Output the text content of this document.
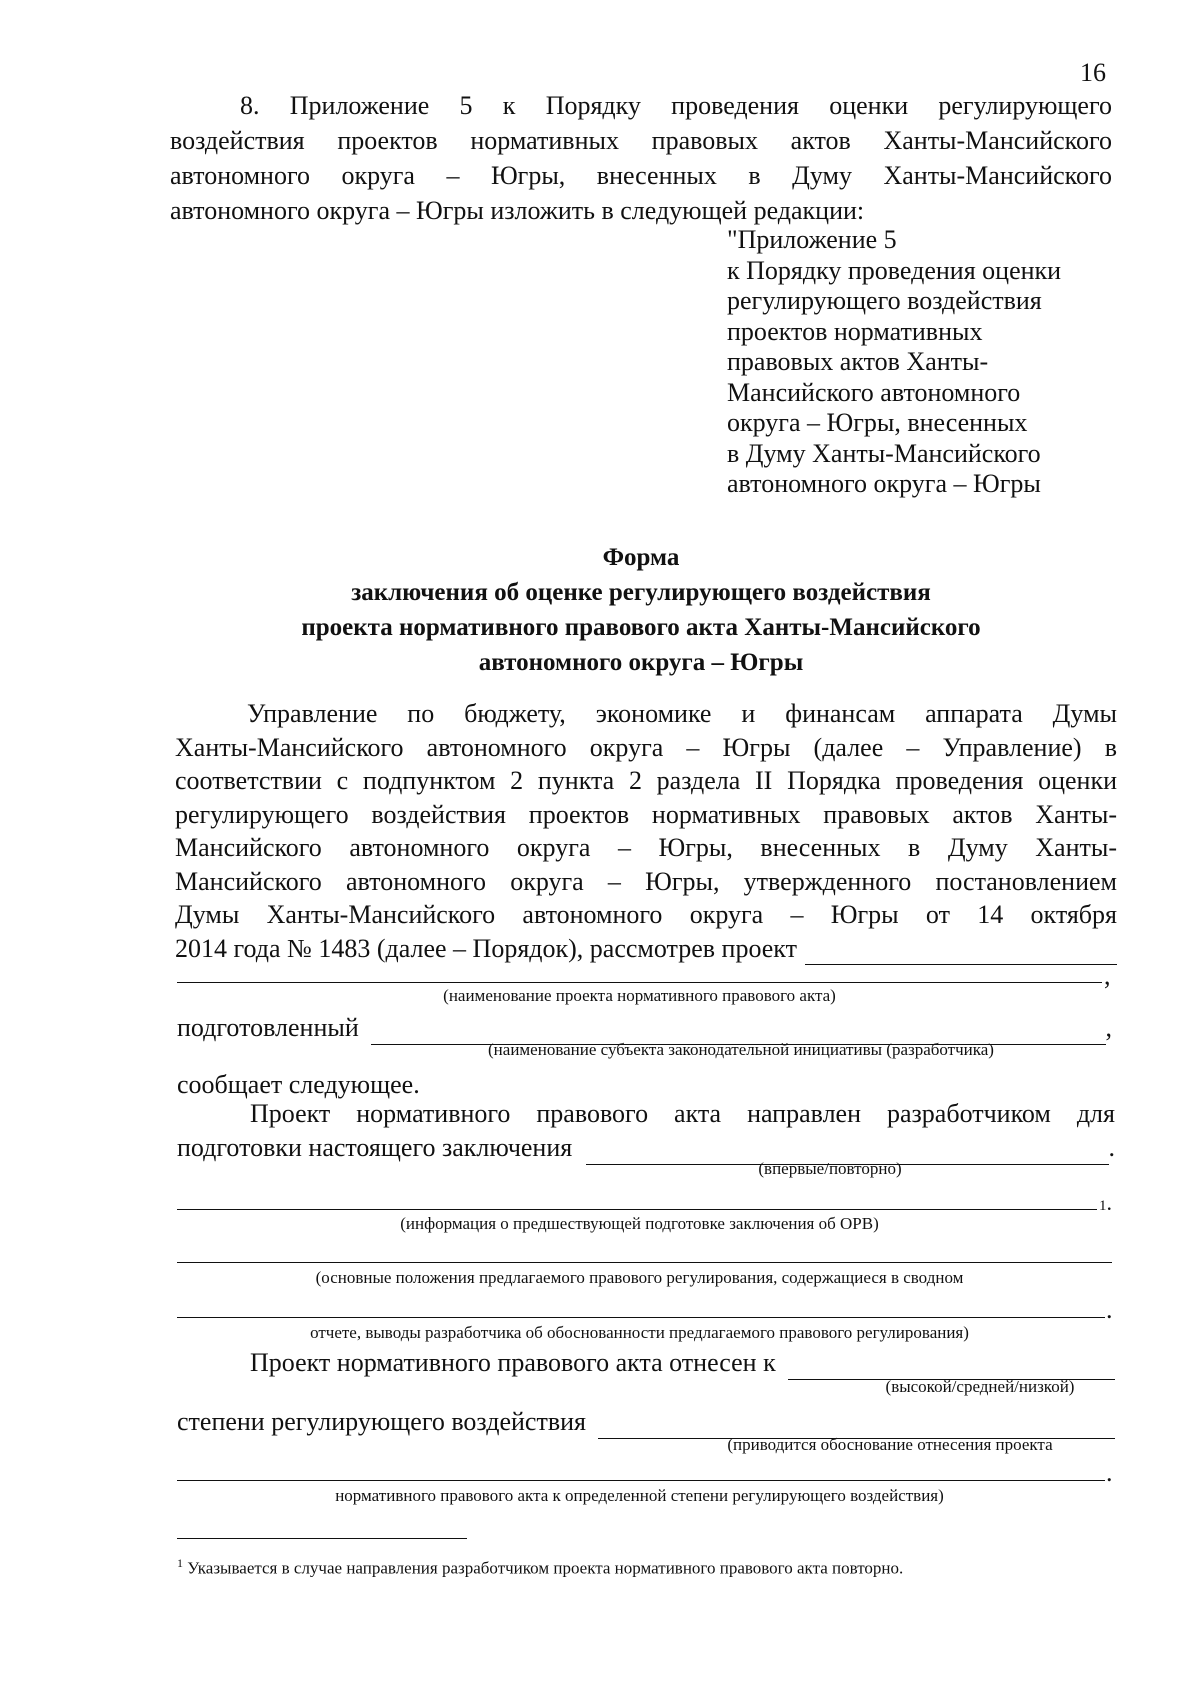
16
8. Приложение 5 к Порядку проведения оценки регулирующего
воздействия проектов нормативных правовых актов Ханты-Мансийского
автономного округа – Югры, внесенных в Думу Ханты-Мансийского
автономного округа – Югры изложить в следующей редакции:
"Приложение 5
к Порядку проведения оценки
регулирующего воздействия
проектов нормативных
правовых актов Ханты-
Мансийского автономного
округа – Югры, внесенных
в Думу Ханты-Мансийского
автономного округа – Югры
Форма
заключения об оценке регулирующего воздействия
проекта нормативного правового акта Ханты-Мансийского
автономного округа – Югры
Управление по бюджету, экономике и финансам аппарата Думы
Ханты-Мансийского автономного округа – Югры (далее – Управление) в
соответствии с подпунктом 2 пункта 2 раздела II Порядка проведения оценки
регулирующего воздействия проектов нормативных правовых актов Ханты-
Мансийского автономного округа – Югры, внесенных в Думу Ханты-
Мансийского автономного округа – Югры, утвержденного постановлением
Думы Ханты-Мансийского автономного округа – Югры от 14 октября
2014 года № 1483 (далее – Порядок), рассмотрев проект
,
(наименование проекта нормативного правового акта)
подготовленный	,
(наименование субъекта законодательной инициативы (разработчика)
сообщает следующее.
Проект нормативного правового акта направлен разработчиком для
подготовки настоящего заключения	.
(впервые/повторно)
1.
(информация о предшествующей подготовке заключения об ОРВ)
(основные положения предлагаемого правового регулирования, содержащиеся в сводном
.
отчете, выводы разработчика об обоснованности предлагаемого правового регулирования)
Проект нормативного правового акта отнесен к
(высокой/средней/низкой)
степени регулирующего воздействия
(приводится обоснование отнесения проекта
.
нормативного правового акта к определенной степени регулирующего воздействия)
$^1$ Указывается в случае направления разработчиком проекта нормативного правового акта повторно.
